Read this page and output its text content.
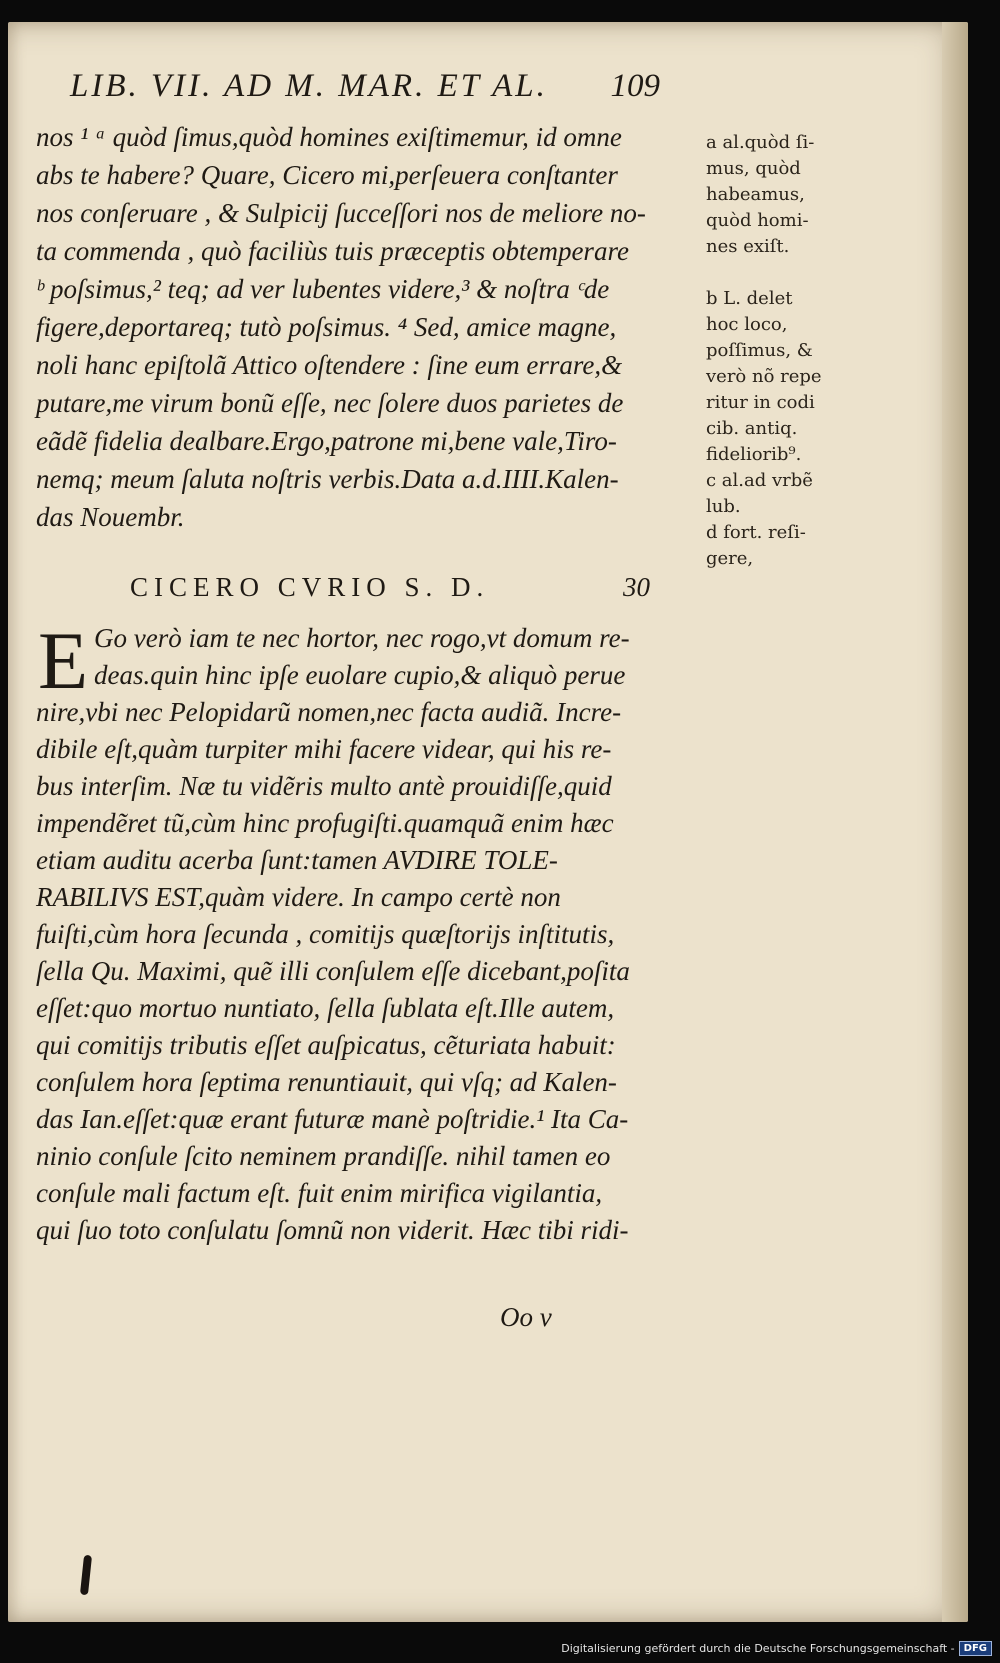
LIB. VII. AD M. MAR. ET AL. 109
nos ¹ ᵃ quòd ſimus,quòd homines exiſtimemur, id omne
abs te habere? Quare, Cicero mi,perſeuera conſtanter
nos conſeruare , & Sulpicij ſucceſſori nos de meliore no-
ta commenda , quò faciliùs tuis præceptis obtemperare
ᵇ poſsimus,² teq; ad ver lubentes videre,³ & noſtra ᶜde
figere,deportareq; tutò poſsimus. ⁴ Sed, amice magne,
noli hanc epiſtolã Attico oſtendere : ſine eum errare,&
putare,me virum bonũ eſſe, nec ſolere duos parietes de
eãdẽ fidelia dealbare.Ergo,patrone mi,bene vale,Tiro-
nemq; meum ſaluta noſtris verbis.Data a.d.IIII.Kalen-
das Nouembr.
CICERO CVRIO S. D.	30
E Go verò iam te nec hortor, nec rogo,vt domum re-
deas.quin hinc ipſe euolare cupio,& aliquò perue
nire,vbi nec Pelopidarũ nomen,nec facta audiã. Incre-
dibile eſt,quàm turpiter mihi facere videar, qui his re-
bus interſim. Næ tu vidẽris multo antè prouidiſſe,quid
impendẽret tũ,cùm hinc profugiſti.quamquã enim hæc
etiam auditu acerba ſunt:tamen AVDIRE TOLE-
RABILIVS EST,quàm videre. In campo certè non
fuiſti,cùm hora ſecunda , comitijs quæſtorijs inſtitutis,
ſella Qu. Maximi, quẽ illi conſulem eſſe dicebant,poſita
eſſet:quo mortuo nuntiato, ſella ſublata eſt.Ille autem,
qui comitijs tributis eſſet auſpicatus, cẽturiata habuit:
conſulem hora ſeptima renuntiauit, qui vſq; ad Kalen-
das Ian.eſſet:quæ erant futuræ manè poſtridie.¹ Ita Ca-
ninio conſule ſcito neminem prandiſſe. nihil tamen eo
conſule mali factum eſt. fuit enim mirifica vigilantia,
qui ſuo toto conſulatu ſomnũ non viderit. Hæc tibi ridi-
a al.quòd ſi-
mus, quòd
habeamus,
quòd homi-
nes exiſt.
b L. delet
hoc loco,
poſſimus, &
verò nõ repe
ritur in codi
cib. antiq.
fideliorib⁹.
c al.ad vrbẽ
lub.
d fort. reſi-
gere,
Oo v
Digitalisierung gefördert durch die Deutsche Forschungsgemeinschaft - DFG
